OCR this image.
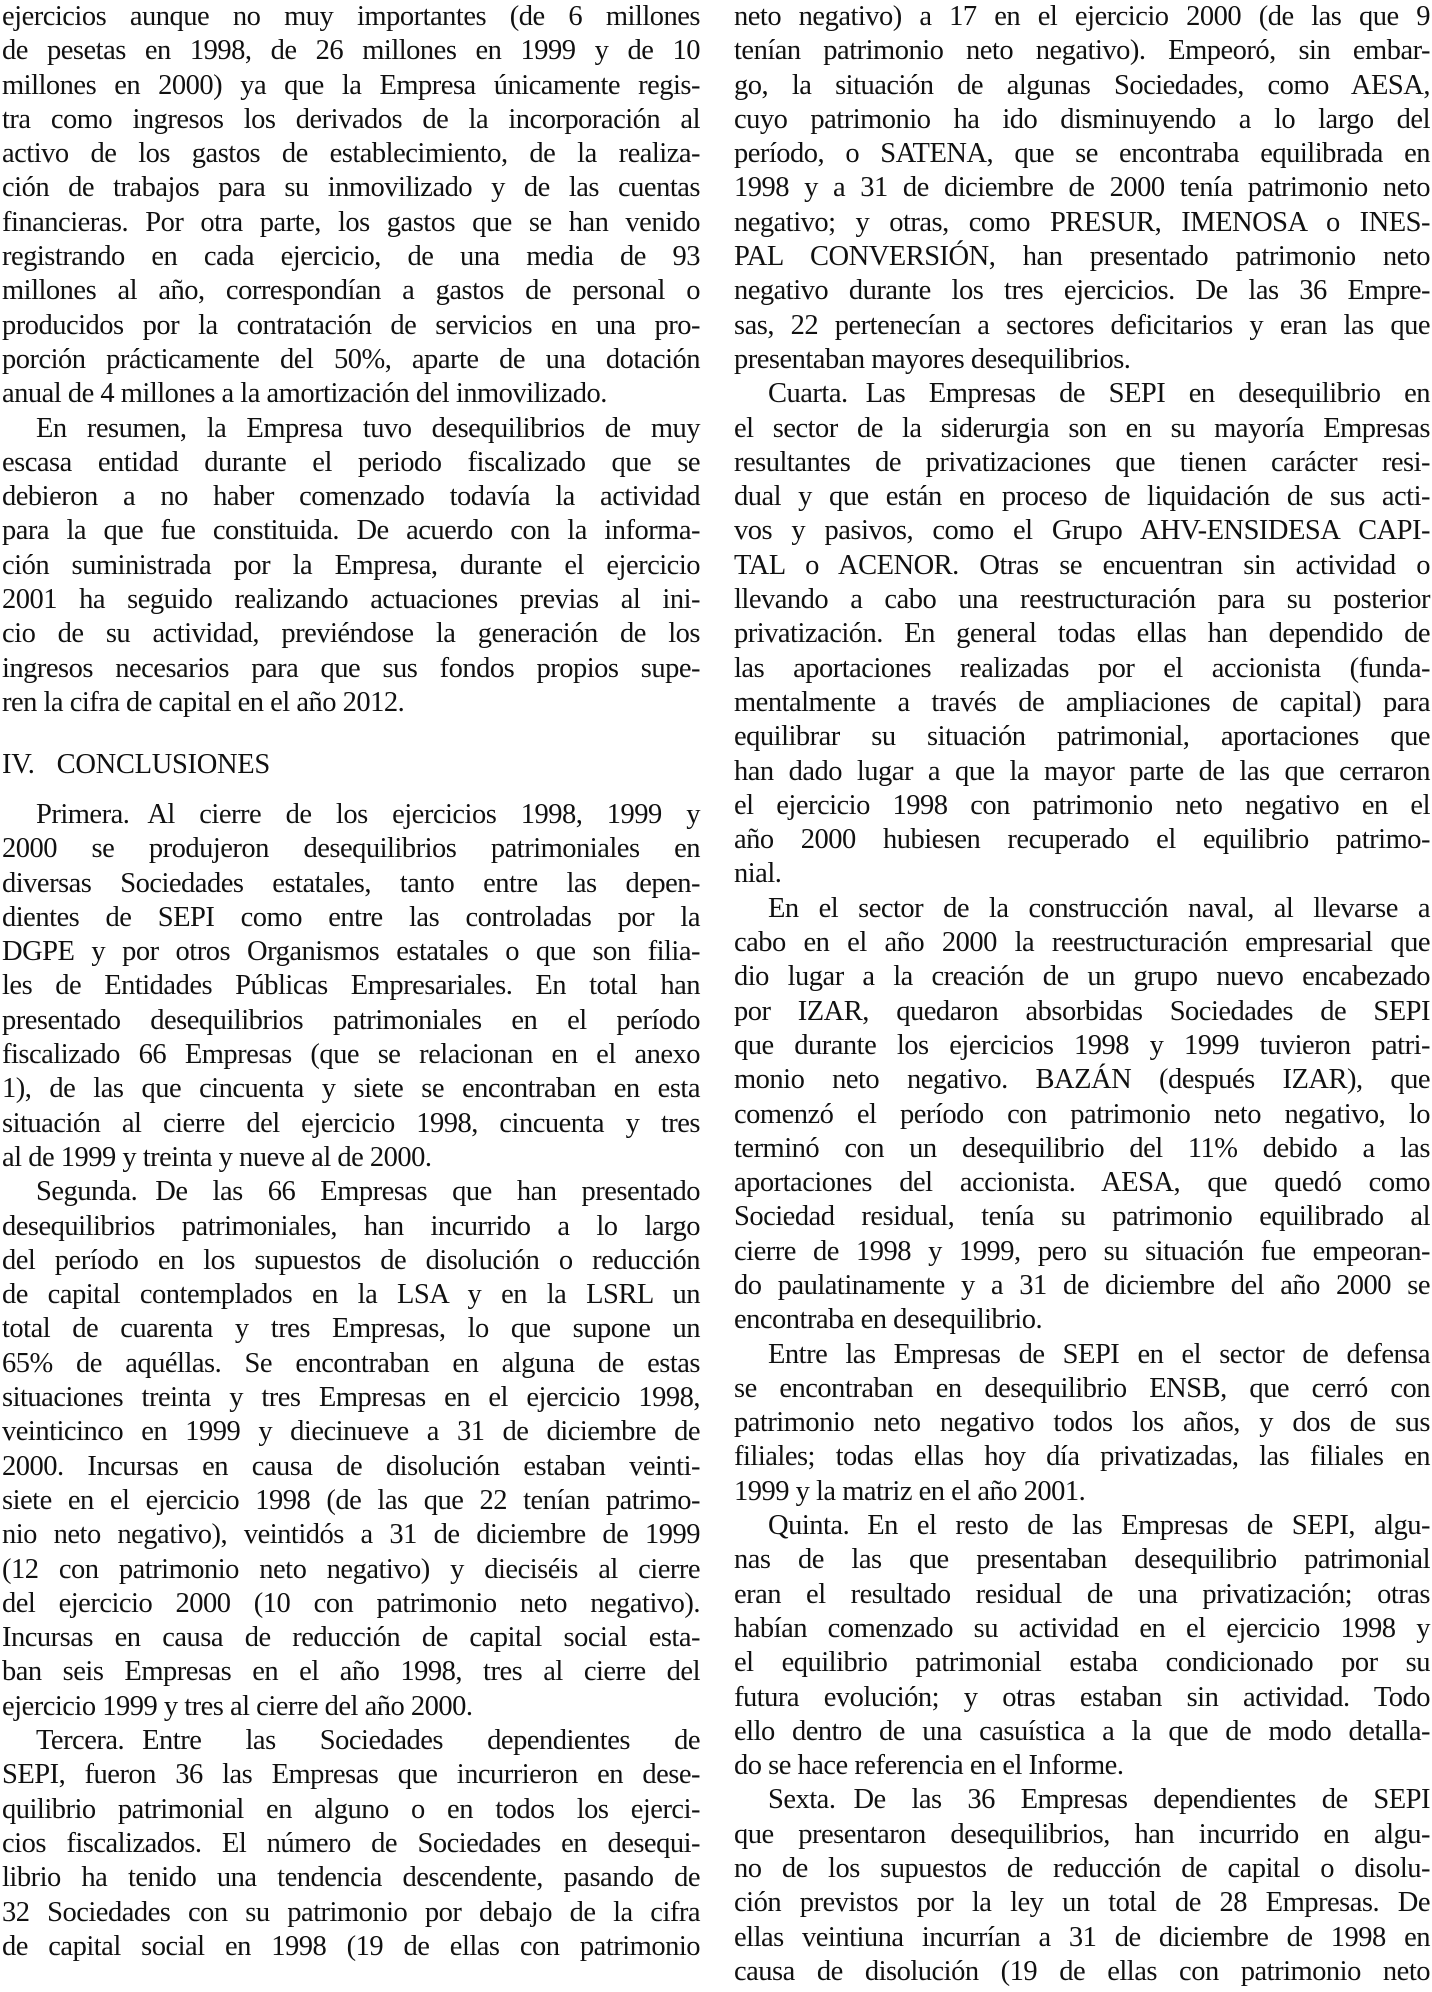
ejercicios aunque no muy importantes (de 6 millones
de pesetas en 1998, de 26 millones en 1999 y de 10
millones en 2000) ya que la Empresa únicamente regis-
tra como ingresos los derivados de la incorporación al
activo de los gastos de establecimiento, de la realiza-
ción de trabajos para su inmovilizado y de las cuentas
financieras. Por otra parte, los gastos que se han venido
registrando en cada ejercicio, de una media de 93
millones al año, correspondían a gastos de personal o
producidos por la contratación de servicios en una pro-
porción prácticamente del 50%, aparte de una dotación
anual de 4 millones a la amortización del inmovilizado.
En resumen, la Empresa tuvo desequilibrios de muy
escasa entidad durante el periodo fiscalizado que se
debieron a no haber comenzado todavía la actividad
para la que fue constituida. De acuerdo con la informa-
ción suministrada por la Empresa, durante el ejercicio
2001 ha seguido realizando actuaciones previas al ini-
cio de su actividad, previéndose la generación de los
ingresos necesarios para que sus fondos propios supe-
ren la cifra de capital en el año 2012.
IV. CONCLUSIONES
Primera. Al cierre de los ejercicios 1998, 1999 y
2000 se produjeron desequilibrios patrimoniales en
diversas Sociedades estatales, tanto entre las depen-
dientes de SEPI como entre las controladas por la
DGPE y por otros Organismos estatales o que son filia-
les de Entidades Públicas Empresariales. En total han
presentado desequilibrios patrimoniales en el período
fiscalizado 66 Empresas (que se relacionan en el anexo
1), de las que cincuenta y siete se encontraban en esta
situación al cierre del ejercicio 1998, cincuenta y tres
al de 1999 y treinta y nueve al de 2000.
Segunda. De las 66 Empresas que han presentado
desequilibrios patrimoniales, han incurrido a lo largo
del período en los supuestos de disolución o reducción
de capital contemplados en la LSA y en la LSRL un
total de cuarenta y tres Empresas, lo que supone un
65% de aquéllas. Se encontraban en alguna de estas
situaciones treinta y tres Empresas en el ejercicio 1998,
veinticinco en 1999 y diecinueve a 31 de diciembre de
2000. Incursas en causa de disolución estaban veinti-
siete en el ejercicio 1998 (de las que 22 tenían patrimo-
nio neto negativo), veintidós a 31 de diciembre de 1999
(12 con patrimonio neto negativo) y dieciséis al cierre
del ejercicio 2000 (10 con patrimonio neto negativo).
Incursas en causa de reducción de capital social esta-
ban seis Empresas en el año 1998, tres al cierre del
ejercicio 1999 y tres al cierre del año 2000.
Tercera. Entre las Sociedades dependientes de
SEPI, fueron 36 las Empresas que incurrieron en dese-
quilibrio patrimonial en alguno o en todos los ejerci-
cios fiscalizados. El número de Sociedades en desequi-
librio ha tenido una tendencia descendente, pasando de
32 Sociedades con su patrimonio por debajo de la cifra
de capital social en 1998 (19 de ellas con patrimonio
neto negativo) a 17 en el ejercicio 2000 (de las que 9
tenían patrimonio neto negativo). Empeoró, sin embar-
go, la situación de algunas Sociedades, como AESA,
cuyo patrimonio ha ido disminuyendo a lo largo del
período, o SATENA, que se encontraba equilibrada en
1998 y a 31 de diciembre de 2000 tenía patrimonio neto
negativo; y otras, como PRESUR, IMENOSA o INES-
PAL CONVERSIÓN, han presentado patrimonio neto
negativo durante los tres ejercicios. De las 36 Empre-
sas, 22 pertenecían a sectores deficitarios y eran las que
presentaban mayores desequilibrios.
Cuarta. Las Empresas de SEPI en desequilibrio en
el sector de la siderurgia son en su mayoría Empresas
resultantes de privatizaciones que tienen carácter resi-
dual y que están en proceso de liquidación de sus acti-
vos y pasivos, como el Grupo AHV-ENSIDESA CAPI-
TAL o ACENOR. Otras se encuentran sin actividad o
llevando a cabo una reestructuración para su posterior
privatización. En general todas ellas han dependido de
las aportaciones realizadas por el accionista (funda-
mentalmente a través de ampliaciones de capital) para
equilibrar su situación patrimonial, aportaciones que
han dado lugar a que la mayor parte de las que cerraron
el ejercicio 1998 con patrimonio neto negativo en el
año 2000 hubiesen recuperado el equilibrio patrimo-
nial.
En el sector de la construcción naval, al llevarse a
cabo en el año 2000 la reestructuración empresarial que
dio lugar a la creación de un grupo nuevo encabezado
por IZAR, quedaron absorbidas Sociedades de SEPI
que durante los ejercicios 1998 y 1999 tuvieron patri-
monio neto negativo. BAZÁN (después IZAR), que
comenzó el período con patrimonio neto negativo, lo
terminó con un desequilibrio del 11% debido a las
aportaciones del accionista. AESA, que quedó como
Sociedad residual, tenía su patrimonio equilibrado al
cierre de 1998 y 1999, pero su situación fue empeoran-
do paulatinamente y a 31 de diciembre del año 2000 se
encontraba en desequilibrio.
Entre las Empresas de SEPI en el sector de defensa
se encontraban en desequilibrio ENSB, que cerró con
patrimonio neto negativo todos los años, y dos de sus
filiales; todas ellas hoy día privatizadas, las filiales en
1999 y la matriz en el año 2001.
Quinta. En el resto de las Empresas de SEPI, algu-
nas de las que presentaban desequilibrio patrimonial
eran el resultado residual de una privatización; otras
habían comenzado su actividad en el ejercicio 1998 y
el equilibrio patrimonial estaba condicionado por su
futura evolución; y otras estaban sin actividad. Todo
ello dentro de una casuística a la que de modo detalla-
do se hace referencia en el Informe.
Sexta. De las 36 Empresas dependientes de SEPI
que presentaron desequilibrios, han incurrido en algu-
no de los supuestos de reducción de capital o disolu-
ción previstos por la ley un total de 28 Empresas. De
ellas veintiuna incurrían a 31 de diciembre de 1998 en
causa de disolución (19 de ellas con patrimonio neto
